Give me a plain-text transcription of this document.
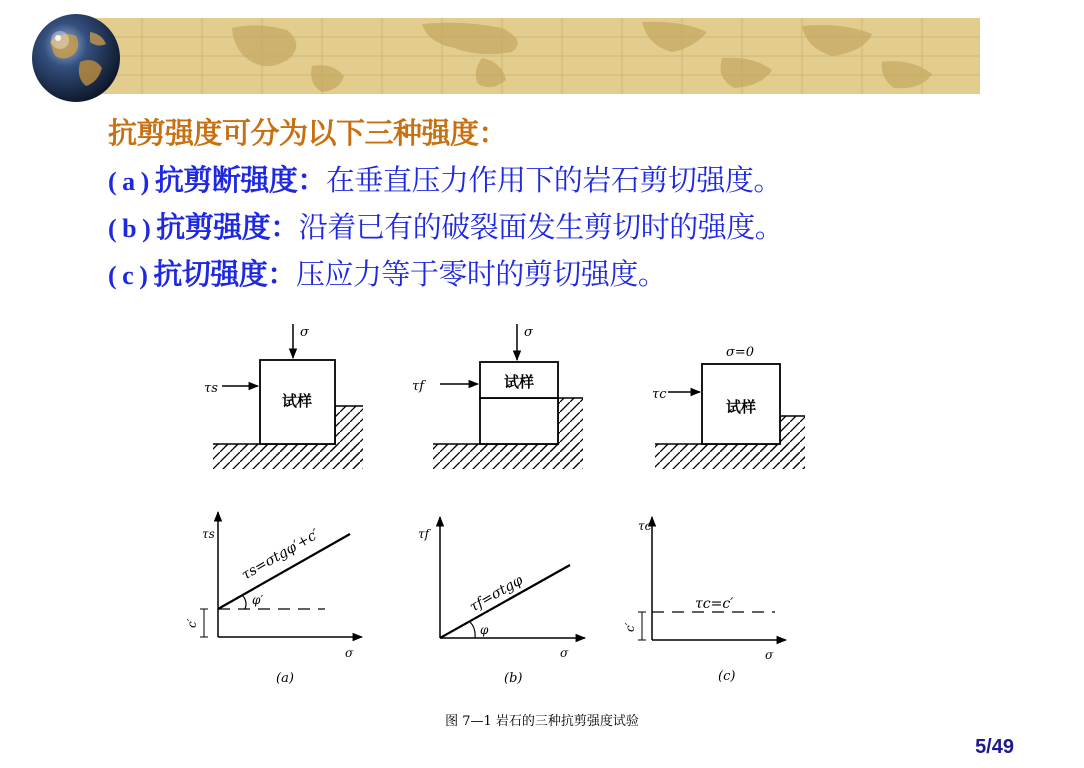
抗剪强度可分为以下三种强度：
( a ) 抗剪断强度：在垂直压力作用下的岩石剪切强度。
( b ) 抗剪强度：沿着已有的破裂面发生剪切时的强度。
( c ) 抗切强度：压应力等于零时的剪切强度。
试样
σ
τs	试样
σ
τf
试样
σ=0
τc
τs
σ
τs=σtgφ′+c′
φ′
c′
(a)
τf
σ
τf=σtgφ
φ
(b)
τc
σ
τc=c′
c′
(c)
图 7—1 岩石的三种抗剪强度试验
5/49
